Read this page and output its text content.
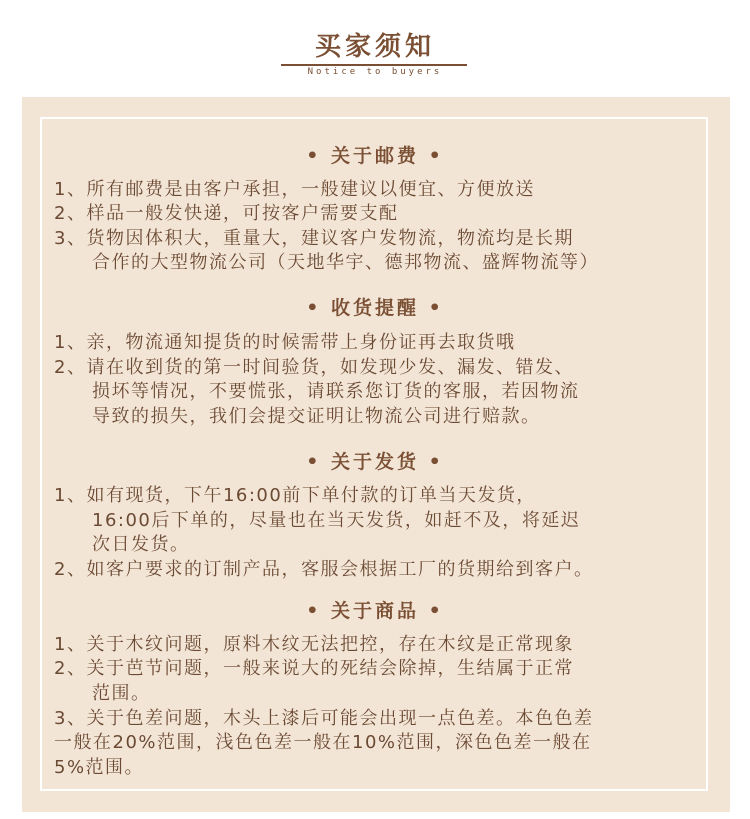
买家须知
Notice to buyers
• 关于邮费 •
1、所有邮费是由客户承担，一般建议以便宜、方便放送
2、样品一般发快递，可按客户需要支配
3、货物因体积大，重量大，建议客户发物流，物流均是长期
合作的大型物流公司（天地华宇、德邦物流、盛辉物流等）
• 收货提醒 •
1、亲，物流通知提货的时候需带上身份证再去取货哦
2、请在收到货的第一时间验货，如发现少发、漏发、错发、
损坏等情况，不要慌张，请联系您订货的客服，若因物流
导致的损失，我们会提交证明让物流公司进行赔款。
• 关于发货 •
1、如有现货，下午16:00前下单付款的订单当天发货，
16:00后下单的，尽量也在当天发货，如赶不及，将延迟
次日发货。
2、如客户要求的订制产品，客服会根据工厂的货期给到客户。
• 关于商品 •
1、关于木纹问题，原料木纹无法把控，存在木纹是正常现象
2、关于芭节问题，一般来说大的死结会除掉，生结属于正常
范围。
3、关于色差问题，木头上漆后可能会出现一点色差。本色色差
一般在20%范围，浅色色差一般在10%范围，深色色差一般在
5%范围。
